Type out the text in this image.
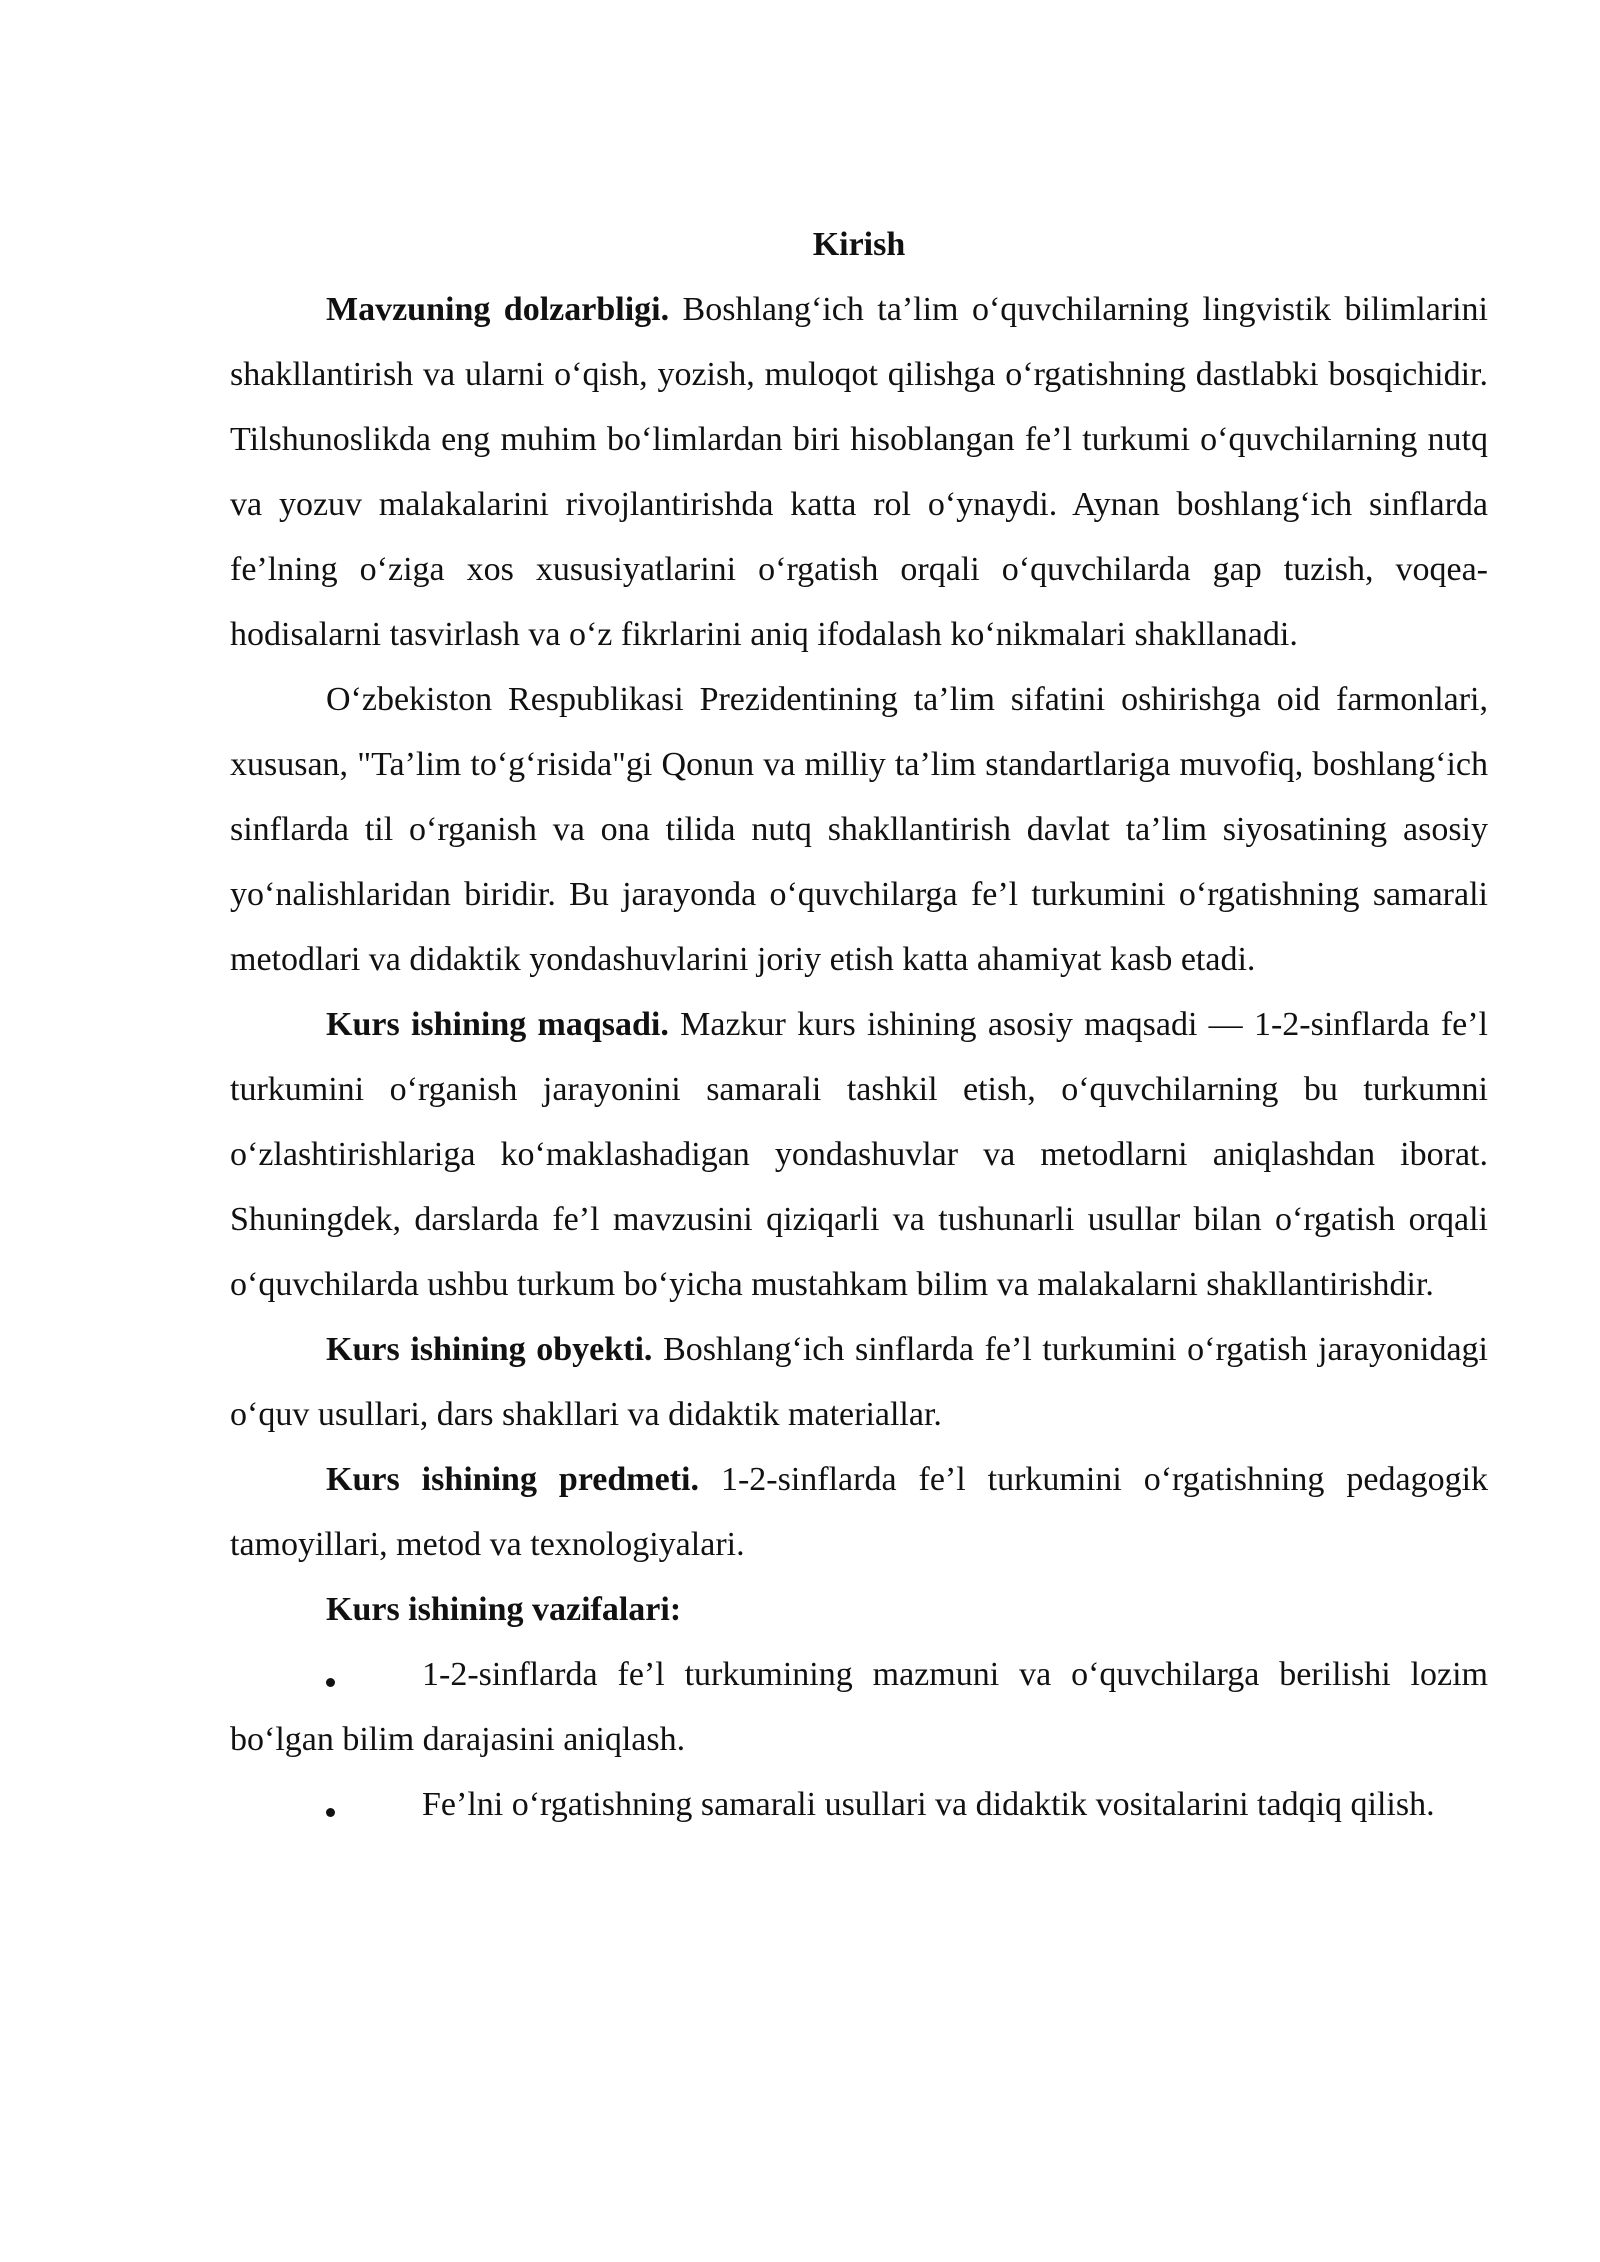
Kirish

Mavzuning dolzarbligi. Boshlang‘ich ta’lim o‘quvchilarning lingvistik bilimlarini shakllantirish va ularni o‘qish, yozish, muloqot qilishga o‘rgatishning dastlabki bosqichidir. Tilshunoslikda eng muhim bo‘limlardan biri hisoblangan fe’l turkumi o‘quvchilarning nutq va yozuv malakalarini rivojlantirishda katta rol o‘ynaydi. Aynan boshlang‘ich sinflarda fe’lning o‘ziga xos xususiyatlarini o‘rgatish orqali o‘quvchilarda gap tuzish, voqea-hodisalarni tasvirlash va o‘z fikrlarini aniq ifodalash ko‘nikmalari shakllanadi.

O‘zbekiston Respublikasi Prezidentining ta’lim sifatini oshirishga oid farmonlari, xususan, "Ta’lim to‘g‘risida"gi Qonun va milliy ta’lim standartlariga muvofiq, boshlang‘ich sinflarda til o‘rganish va ona tilida nutq shakllantirish davlat ta’lim siyosatining asosiy yo‘nalishlaridan biridir. Bu jarayonda o‘quvchilarga fe’l turkumini o‘rgatishning samarali metodlari va didaktik yondashuvlarini joriy etish katta ahamiyat kasb etadi.

Kurs ishining maqsadi. Mazkur kurs ishining asosiy maqsadi — 1-2-sinflarda fe’l turkumini o‘rganish jarayonini samarali tashkil etish, o‘quvchilarning bu turkumni o‘zlashtirishlariga ko‘maklashadigan yondashuvlar va metodlarni aniqlashdan iborat. Shuningdek, darslarda fe’l mavzusini qiziqarli va tushunarli usullar bilan o‘rgatish orqali o‘quvchilarda ushbu turkum bo‘yicha mustahkam bilim va malakalarni shakllantirishdir.

Kurs ishining obyekti. Boshlang‘ich sinflarda fe’l turkumini o‘rgatish jarayonidagi o‘quv usullari, dars shakllari va didaktik materiallar.

Kurs ishining predmeti. 1-2-sinflarda fe’l turkumini o‘rgatishning pedagogik tamoyillari, metod va texnologiyalari.

Kurs ishining vazifalari:

1-2-sinflarda fe’l turkumining mazmuni va o‘quvchilarga berilishi lozim bo‘lgan bilim darajasini aniqlash.

Fe’lni o‘rgatishning samarali usullari va didaktik vositalarini tadqiq qilish.
